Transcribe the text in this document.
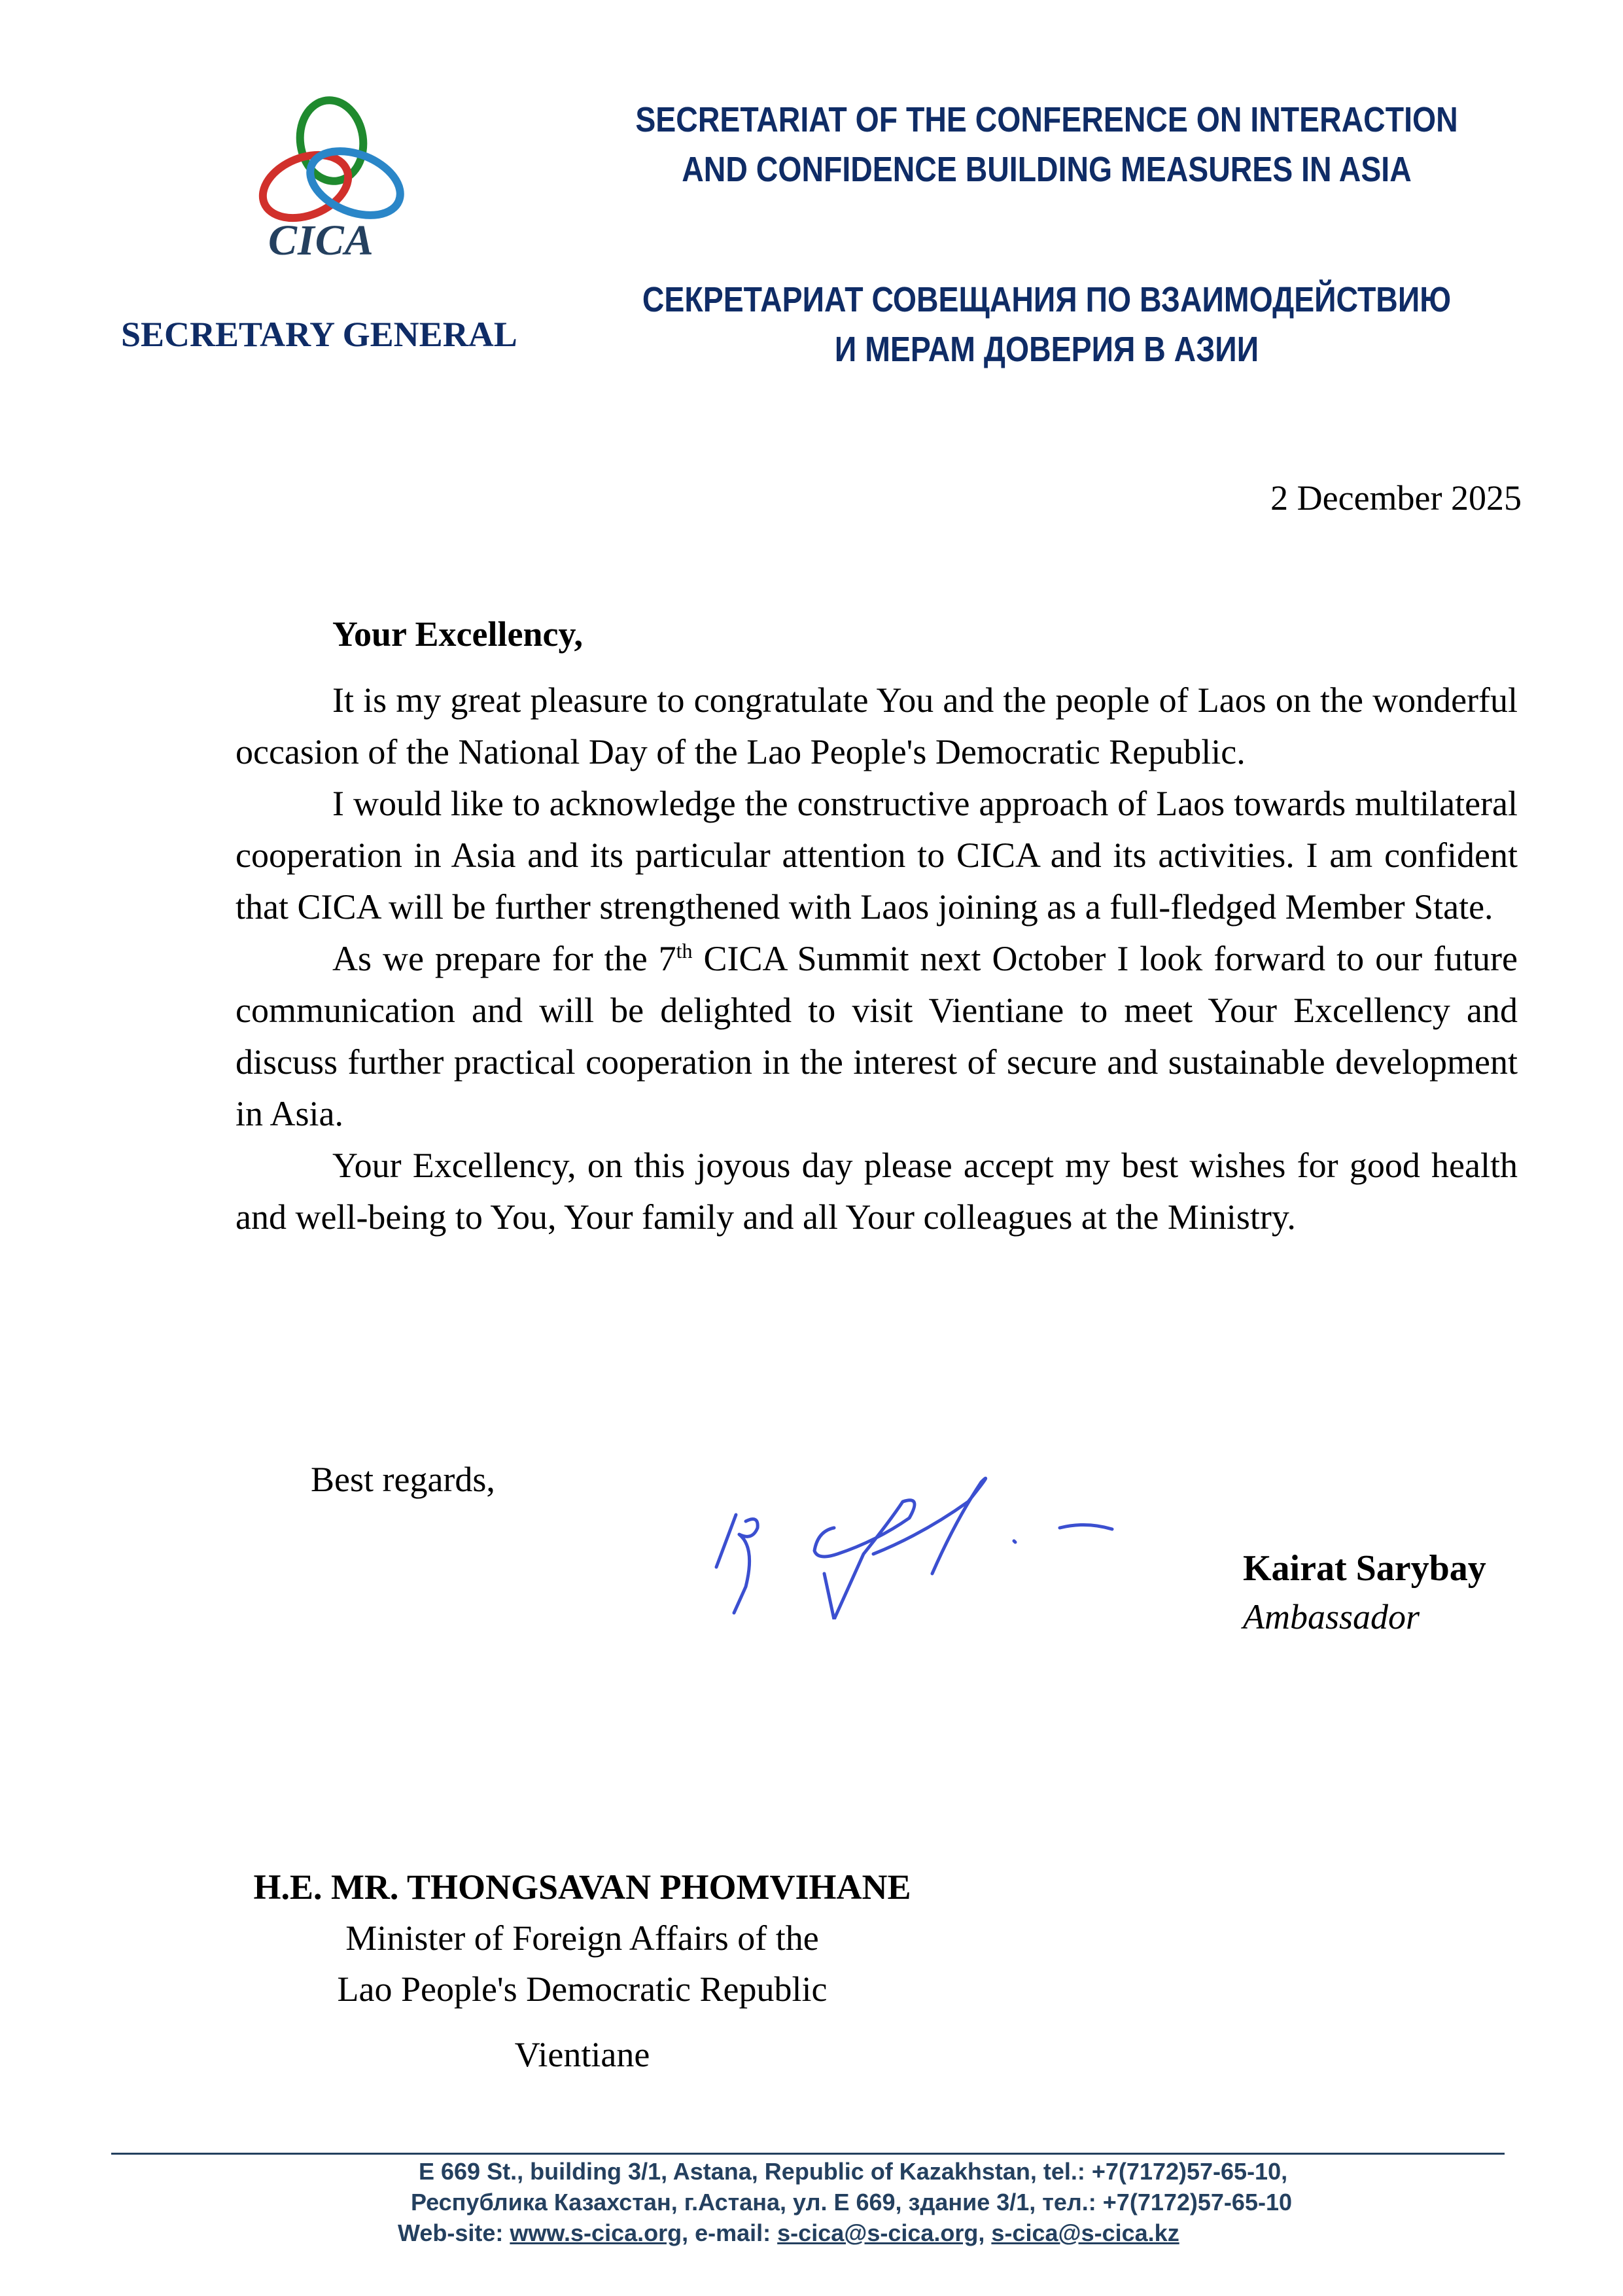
CICA
SECRETARY GENERAL
SECRETARIAT OF THE CONFERENCE ON INTERACTION
AND CONFIDENCE BUILDING MEASURES IN ASIA
СЕКРЕТАРИАТ СОВЕЩАНИЯ ПО ВЗАИМОДЕЙСТВИЮ
И МЕРАМ ДОВЕРИЯ В АЗИИ
2 December 2025
Your Excellency,

It is my great pleasure to congratulate You and the people of Laos on the wonderful occasion of the National Day of the Lao People's Democratic Republic.

I would like to acknowledge the constructive approach of Laos towards multilateral cooperation in Asia and its particular attention to CICA and its activities. I am confident that CICA will be further strengthened with Laos joining as a full-fledged Member State.

As we prepare for the 7th CICA Summit next October I look forward to our future communication and will be delighted to visit Vientiane to meet Your Excellency and discuss further practical cooperation in the interest of secure and sustainable development in Asia.

Your Excellency, on this joyous day please accept my best wishes for good health and well-being to You, Your family and all Your colleagues at the Ministry.

Best regards,
Kairat Sarybay
Ambassador
H.E. MR. THONGSAVAN PHOMVIHANE
Minister of Foreign Affairs of the
Lao People's Democratic Republic
Vientiane
E 669 St., building 3/1, Astana, Republic of Kazakhstan, tel.: +7(7172)57-65-10,
Республика Казахстан, г.Астана, ул. Е 669, здание 3/1, тел.: +7(7172)57-65-10
Web-site: www.s-cica.org, e-mail: s-cica@s-cica.org, s-cica@s-cica.kz
